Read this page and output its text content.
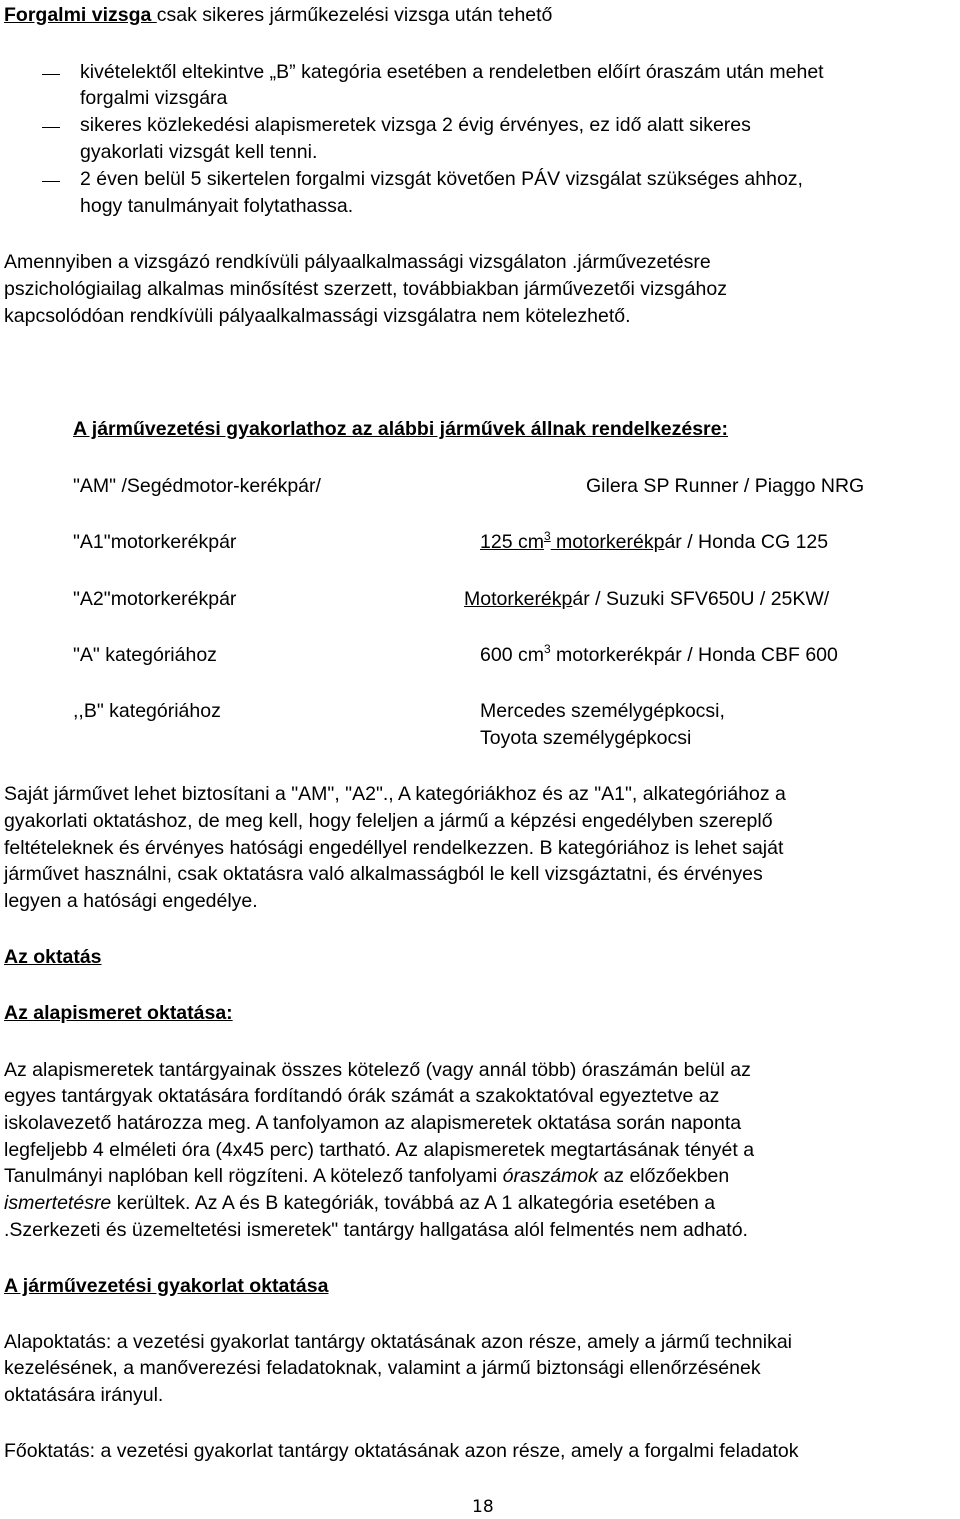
Forgalmi vizsga csak sikeres járműkezelési vizsga után tehető
kivételektől eltekintve „B” kategória esetében a rendeletben előírt óraszám után mehet
forgalmi vizsgára
sikeres közlekedési alapismeretek vizsga 2 évig érvényes, ez idő alatt sikeres
gyakorlati vizsgát kell tenni.
2 éven belül 5 sikertelen forgalmi vizsgát követően PÁV vizsgálat szükséges ahhoz,
hogy tanulmányait folytathassa.
Amennyiben a vizsgázó rendkívüli pályaalkalmassági vizsgálaton .járművezetésre
pszichológiailag alkalmas minősítést szerzett, továbbiakban járművezetői vizsgához
kapcsolódóan rendkívüli pályaalkalmassági vizsgálatra nem kötelezhető.
A járművezetési gyakorlathoz az alábbi járművek állnak rendelkezésre:
"AM" /Segédmotor-kerékpár/	Gilera SP Runner / Piaggo NRG
"A1"motorkerékpár	125 $cm^3$ motorkerékpár / Honda CG 125
"A2"motorkerékpár	Motorkerékpár / Suzuki SFV650U / 25KW/
"A" kategóriához	600 $cm^3$ motorkerékpár / Honda CBF 600
,,B" kategóriához	Mercedes személygépkocsi,
Toyota személygépkocsi
Saját járművet lehet biztosítani a "AM", "A2"., A kategóriákhoz és az "A1", alkategóriához a
gyakorlati oktatáshoz, de meg kell, hogy feleljen a jármű a képzési engedélyben szereplő
feltételeknek és érvényes hatósági engedéllyel rendelkezzen. B kategóriához is lehet saját
járművet használni, csak oktatásra való alkalmasságból le kell vizsgáztatni, és érvényes
legyen a hatósági engedélye.
Az oktatás
Az alapismeret oktatása:
Az alapismeretek tantárgyainak összes kötelező (vagy annál több) óraszámán belül az
egyes tantárgyak oktatására fordítandó órák számát a szakoktatóval egyeztetve az
iskolavezető határozza meg. A tanfolyamon az alapismeretek oktatása során naponta
legfeljebb 4 elméleti óra (4x45 perc) tartható. Az alapismeretek megtartásának tényét a
Tanulmányi naplóban kell rögzíteni. A kötelező tanfolyami óraszámok az előzőekben
ismertetésre kerültek. Az A és B kategóriák, továbbá az A 1 alkategória esetében a
.Szerkezeti és üzemeltetési ismeretek" tantárgy hallgatása alól felmentés nem adható.
A járművezetési gyakorlat oktatása
Alapoktatás: a vezetési gyakorlat tantárgy oktatásának azon része, amely a jármű technikai
kezelésének, a manőverezési feladatoknak, valamint a jármű biztonsági ellenőrzésének
oktatására irányul.
Főoktatás: a vezetési gyakorlat tantárgy oktatásának azon része, amely a forgalmi feladatok
18
